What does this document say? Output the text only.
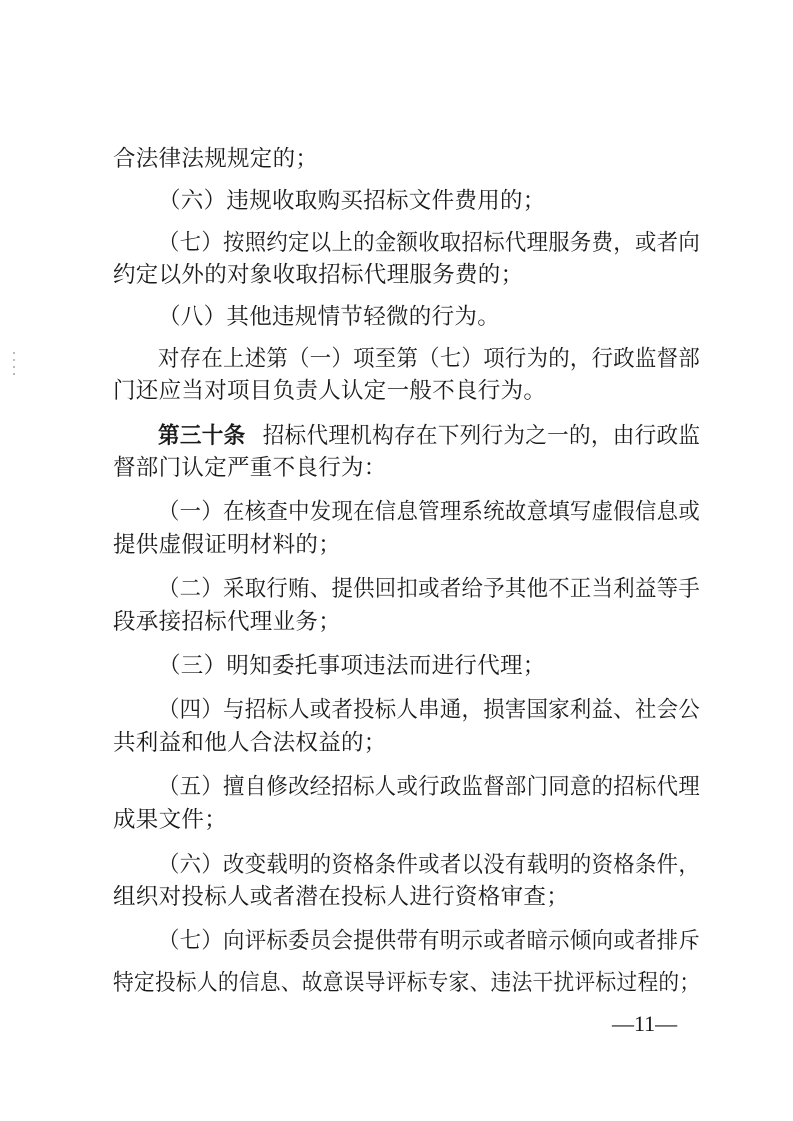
合法律法规规定的；
（六）违规收取购买招标文件费用的；
（七）按照约定以上的金额收取招标代理服务费，或者向
约定以外的对象收取招标代理服务费的；
（八）其他违规情节轻微的行为。
对存在上述第（一）项至第（七）项行为的，行政监督部
门还应当对项目负责人认定一般不良行为。
第三十条 招标代理机构存在下列行为之一的，由行政监
督部门认定严重不良行为：
（一）在核查中发现在信息管理系统故意填写虚假信息或
提供虚假证明材料的；
（二）采取行贿、提供回扣或者给予其他不正当利益等手
段承接招标代理业务；
（三）明知委托事项违法而进行代理；
（四）与招标人或者投标人串通，损害国家利益、社会公
共利益和他人合法权益的；
（五）擅自修改经招标人或行政监督部门同意的招标代理
成果文件；
（六）改变载明的资格条件或者以没有载明的资格条件，
组织对投标人或者潜在投标人进行资格审查；
（七）向评标委员会提供带有明示或者暗示倾向或者排斥
特定投标人的信息、故意误导评标专家、违法干扰评标过程的；
—11—
